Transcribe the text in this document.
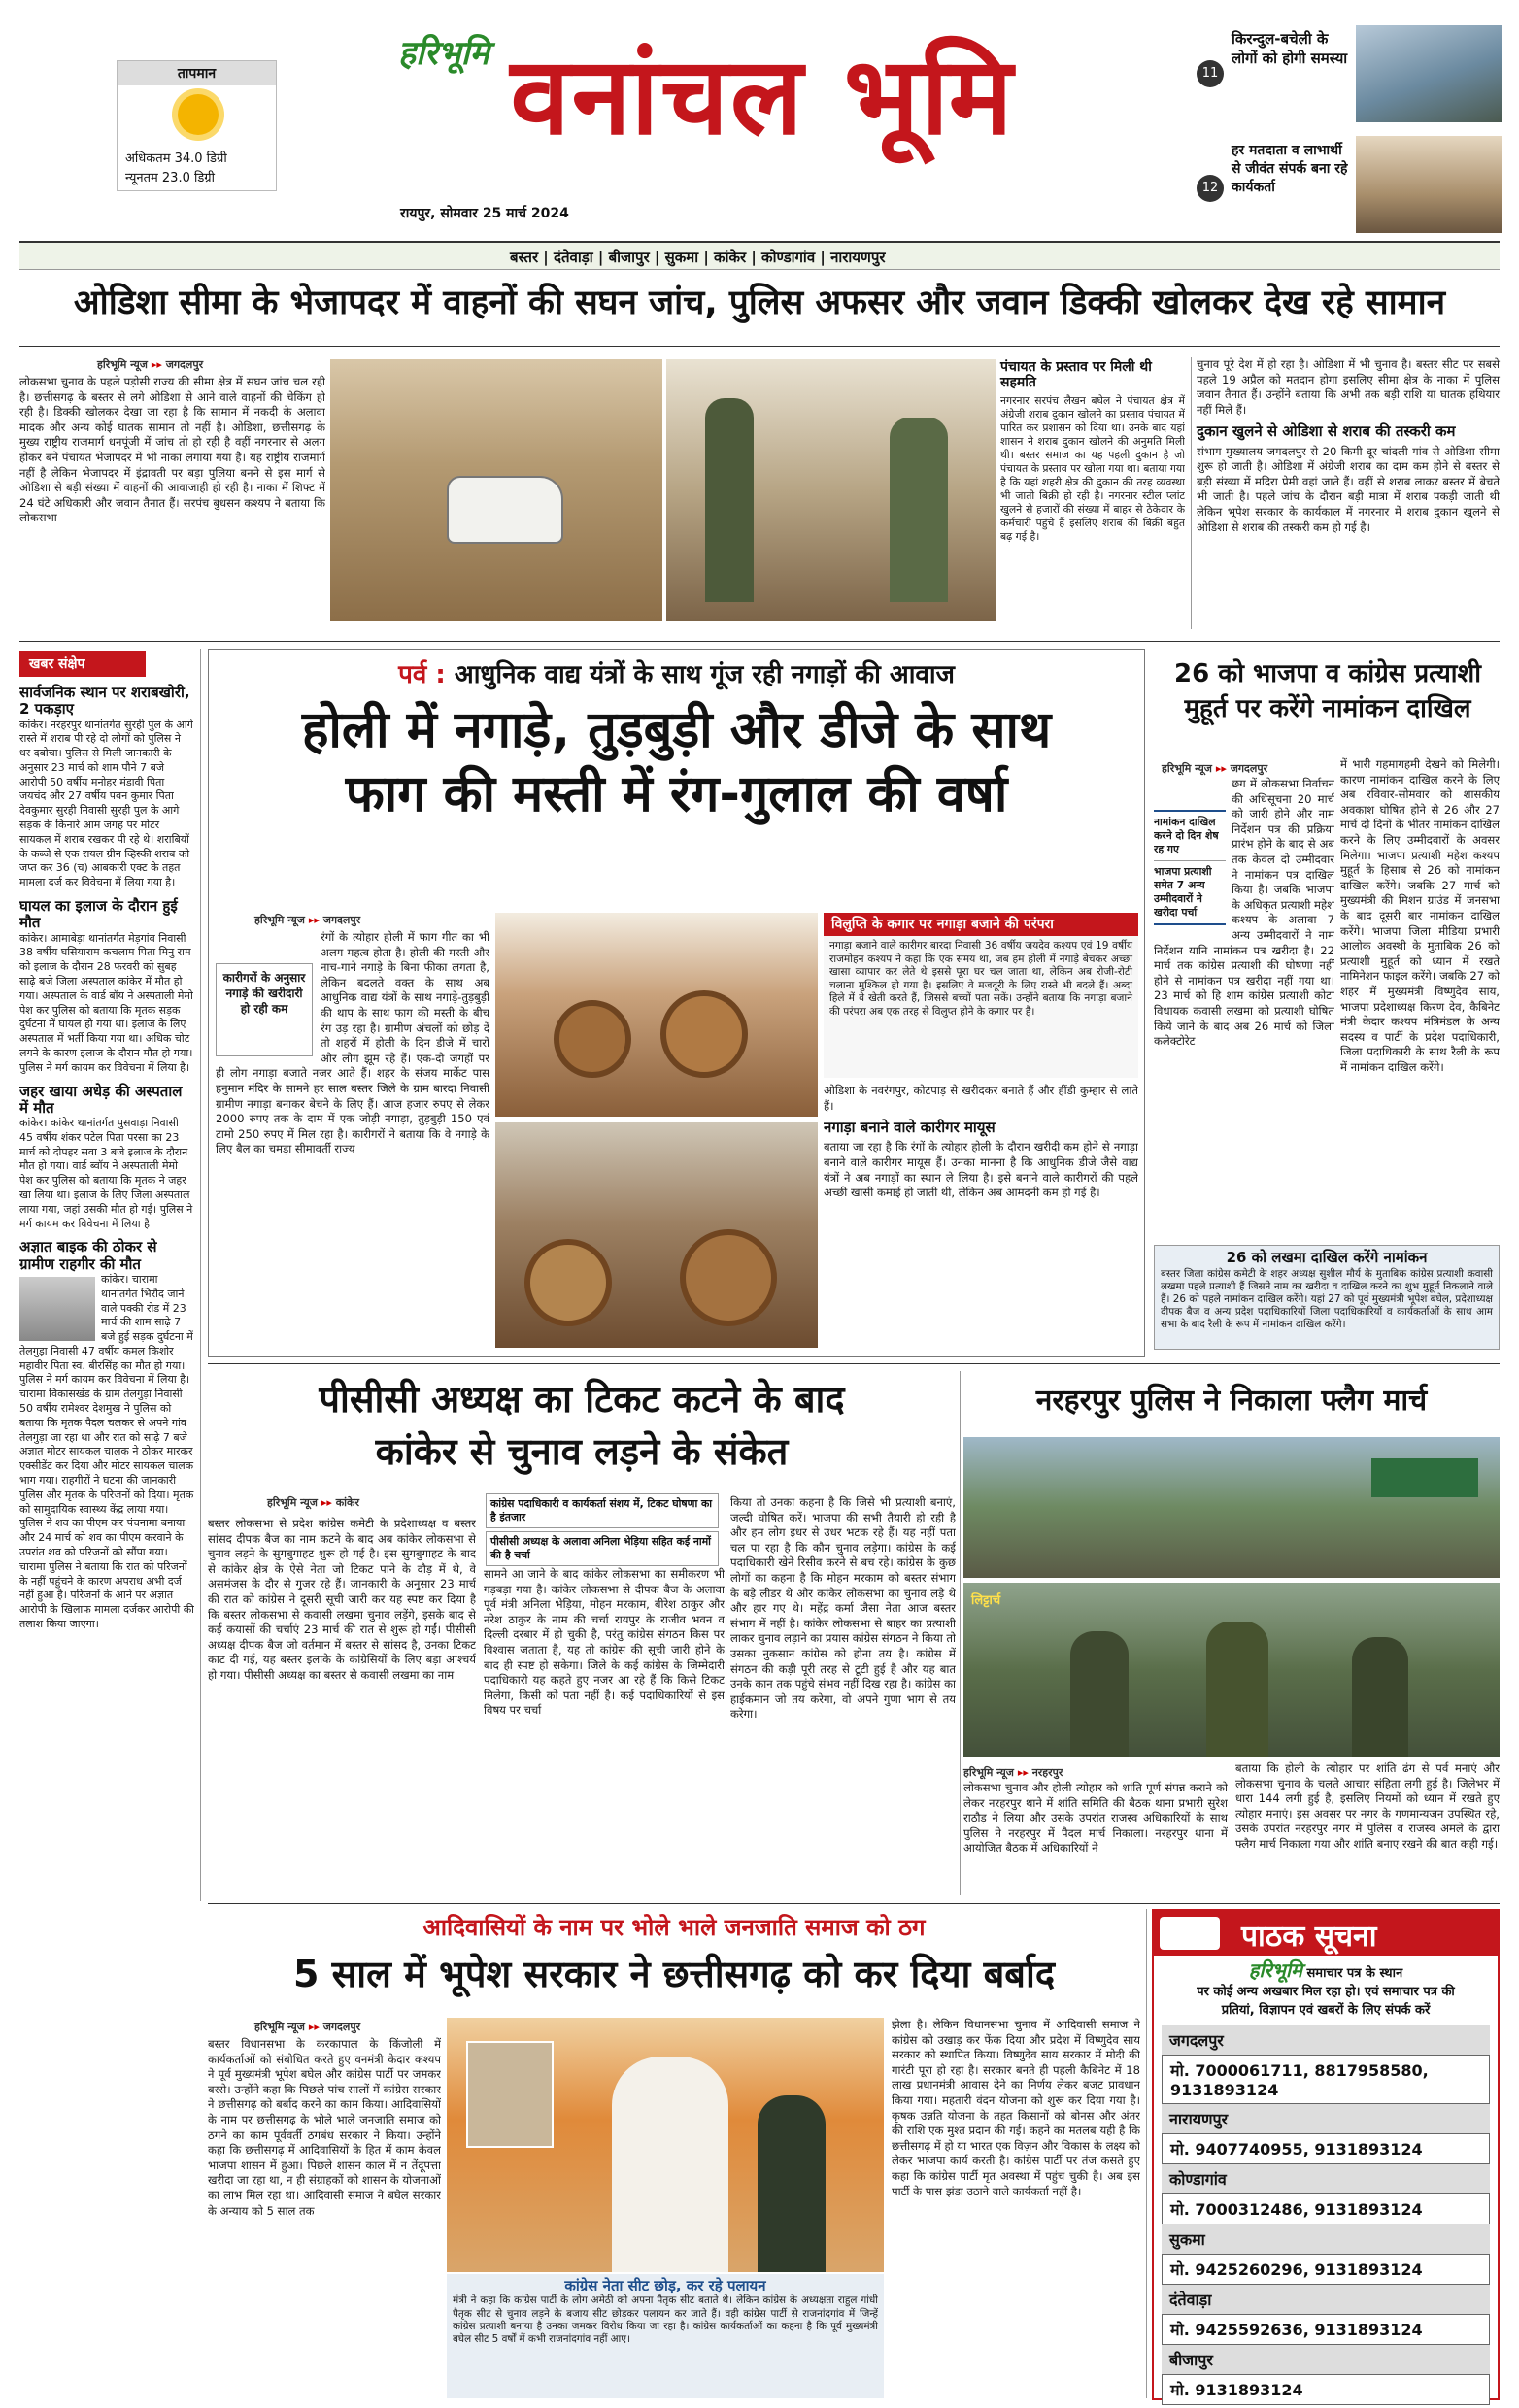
तापमान
अधिकतम 34.0 डिग्री
न्यूनतम 23.0 डिग्री
हरिभूमि वनांचल भूमि
रायपुर, सोमवार 25 मार्च 2024
11
किरन्दुल-बचेली के लोगों को होगी समस्या
12
हर मतदाता व लाभार्थी से जीवंत संपर्क बना रहे कार्यकर्ता
बस्तर | दंतेवाड़ा | बीजापुर | सुकमा | कांकेर | कोण्डागांव | नारायणपुर
ओडिशा सीमा के भेजापदर में वाहनों की सघन जांच, पुलिस अफसर और जवान डिक्की खोलकर देख रहे सामान
हरिभूमि न्यूज ▸▸ जगदलपुर
लोकसभा चुनाव के पहले पड़ोसी राज्य की सीमा क्षेत्र में सघन जांच चल रही है। छत्तीसगढ़ के बस्तर से लगे ओडिशा से आने वाले वाहनों की चेकिंग हो रही है। डिक्की खोलकर देखा जा रहा है कि सामान में नकदी के अलावा मादक और अन्य कोई घातक सामान तो नहीं है। ओडिशा, छत्तीसगढ़ के मुख्य राष्ट्रीय राजमार्ग धनपूंजी में जांच तो हो रही है वहीं नगरनार से अलग होकर बने पंचायत भेजापदर में भी नाका लगाया गया है। यह राष्ट्रीय राजमार्ग नहीं है लेकिन भेजापदर में इंद्रावती पर बड़ा पुलिया बनने से इस मार्ग से ओडिशा से बड़ी संख्या में वाहनों की आवाजाही हो रही है। नाका में शिफ्ट में 24 घंटे अधिकारी और जवान तैनात हैं। सरपंच बुधसन कश्यप ने बताया कि लोकसभा
पंचायत के प्रस्ताव पर मिली थी सहमति
नगरनार सरपंच लैखन बघेल ने पंचायत क्षेत्र में अंग्रेजी शराब दुकान खोलने का प्रस्ताव पंचायत में पारित कर प्रशासन को दिया था। उनके बाद यहां शासन ने शराब दुकान खोलने की अनुमति मिली थी। बस्तर समाज का यह पहली दुकान है जो पंचायत के प्रस्ताव पर खोला गया था। बताया गया है कि यहां शहरी क्षेत्र की दुकान की तरह व्यवस्था भी जाती बिक्री हो रही है। नगरनार स्टील प्लांट खुलने से हजारों की संख्या में बाहर से ठेकेदार के कर्मचारी पहुंचे हैं इसलिए शराब की बिक्री बहुत बढ़ गई है।
चुनाव पूरे देश में हो रहा है। ओडिशा में भी चुनाव है। बस्तर सीट पर सबसे पहले 19 अप्रैल को मतदान होगा इसलिए सीमा क्षेत्र के नाका में पुलिस जवान तैनात हैं। उन्होंने बताया कि अभी तक बड़ी राशि या घातक हथियार नहीं मिले हैं।
दुकान खुलने से ओडिशा से शराब की तस्करी कम
संभाग मुख्यालय जगदलपुर से 20 किमी दूर चांदली गांव से ओडिशा सीमा शुरू हो जाती है। ओडिशा में अंग्रेजी शराब का दाम कम होने से बस्तर से बड़ी संख्या में मदिरा प्रेमी वहां जाते हैं। वहीं से शराब लाकर बस्तर में बेचते भी जाती है। पहले जांच के दौरान बड़ी मात्रा में शराब पकड़ी जाती थी लेकिन भूपेश सरकार के कार्यकाल में नगरनार में शराब दुकान खुलने से ओडिशा से शराब की तस्करी कम हो गई है।
खबर संक्षेप
सार्वजनिक स्थान पर शराबखोरी, 2 पकड़ाए
कांकेर। नरहरपुर थानांतर्गत सुरही पुल के आगे रास्ते में शराब पी रहे दो लोगों को पुलिस ने धर दबोचा। पुलिस से मिली जानकारी के अनुसार 23 मार्च को शाम पौने 7 बजे आरोपी 50 वर्षीय मनोहर मंडावी पिता जयचंद और 27 वर्षीय पवन कुमार पिता देवकुमार सुरही निवासी सुरही पुल के आगे सड़क के किनारे आम जगह पर मोटर सायकल में शराब रखकर पी रहे थे। शराबियों के कब्जे से एक रायल ग्रीन व्हिस्की शराब को जप्त कर 36 (च) आबकारी एक्ट के तहत मामला दर्ज कर विवेचना में लिया गया है।
घायल का इलाज के दौरान हुई मौत
कांकेर। आमाबेड़ा थानांतर्गत मेड़गांव निवासी 38 वर्षीय घसियाराम कचलाम पिता मिनु राम को इलाज के दौरान 28 फरवरी को सुबह साढ़े बजे जिला अस्पताल कांकेर में मौत हो गया। अस्पताल के वार्ड बॉय ने अस्पताली मेमो पेश कर पुलिस को बताया कि मृतक सड़क दुर्घटना में घायल हो गया था। इलाज के लिए अस्पताल में भर्ती किया गया था। अधिक चोट लगने के कारण इलाज के दौरान मौत हो गया। पुलिस ने मर्ग कायम कर विवेचना में लिया है।
जहर खाया अधेड़ की अस्पताल में मौत
कांकेर। कांकेर थानांतर्गत पुसवाड़ा निवासी 45 वर्षीय शंकर पटेल पिता परसा का 23 मार्च को दोपहर सवा 3 बजे इलाज के दौरान मौत हो गया। वार्ड ब्वॉय ने अस्पताली मेमो पेश कर पुलिस को बताया कि मृतक ने जहर खा लिया था। इलाज के लिए जिला अस्पताल लाया गया, जहां उसकी मौत हो गई। पुलिस ने मर्ग कायम कर विवेचना में लिया है।
अज्ञात बाइक की ठोकर से ग्रामीण राहगीर की मौत
कांकेर। चारामा थानांतर्गत भिरौद जाने वाले पक्की रोड में 23 मार्च की शाम साढ़े 7 बजे हुई सड़क दुर्घटना में तेलगुड़ा निवासी 47 वर्षीय कमल किशोर महावीर पिता स्व. बीरसिंह का मौत हो गया। पुलिस ने मर्ग कायम कर विवेचना में लिया है। चारामा विकासखंड के ग्राम तेलगुड़ा निवासी 50 वर्षीय रामेश्वर देशमुख ने पुलिस को बताया कि मृतक पैदल चलकर से अपने गांव तेलगुड़ा जा रहा था और रात को साढ़े 7 बजे अज्ञात मोटर सायकल चालक ने ठोकर मारकर एक्सीडेंट कर दिया और मोटर सायकल चालक भाग गया। राहगीरों ने घटना की जानकारी पुलिस और मृतक के परिजनों को दिया। मृतक को सामुदायिक स्वास्थ्य केंद्र लाया गया। पुलिस ने शव का पीएम कर पंचनामा बनाया और 24 मार्च को शव का पीएम करवाने के उपरांत शव को परिजनों को सौंपा गया। चारामा पुलिस ने बताया कि रात को परिजनों के नहीं पहुंचने के कारण अपराध अभी दर्ज नहीं हुआ है। परिजनों के आने पर अज्ञात आरोपी के खिलाफ मामला दर्जकर आरोपी की तलाश किया जाएगा।
पर्व : आधुनिक वाद्य यंत्रों के साथ गूंज रही नगाड़ों की आवाज
होली में नगाड़े, तुड़बुड़ी और डीजे के साथ
फाग की मस्ती में रंग-गुलाल की वर्षा
हरिभूमि न्यूज ▸▸ जगदलपुर
कारीगरों के अनुसार नगाड़े की खरीदारी हो रही कम
रंगों के त्योहार होली में फाग गीत का भी अलग महत्व होता है। होली की मस्ती और नाच-गाने नगाड़े के बिना फीका लगता है, लेकिन बदलते वक्त के साथ अब आधुनिक वाद्य यंत्रों के साथ नगाड़े-तुड़बुड़ी की थाप के साथ फाग की मस्ती के बीच रंग उड़ रहा है। ग्रामीण अंचलों को छोड़ दें तो शहरों में होली के दिन डीजे में चारों ओर लोग झूम रहे हैं। एक-दो जगहों पर ही लोग नगाड़ा बजाते नजर आते हैं। शहर के संजय मार्केट पास हनुमान मंदिर के सामने हर साल बस्तर जिले के ग्राम बारदा निवासी ग्रामीण नगाड़ा बनाकर बेचने के लिए हैं। आज हजार रुपए से लेकर 2000 रुपए तक के दाम में एक जोड़ी नगाड़ा, तुड़बुड़ी 150 एवं टामो 250 रुपए में मिल रहा है। कारीगरों ने बताया कि वे नगाड़े के लिए बैल का चमड़ा सीमावर्ती राज्य
विलुप्ति के कगार पर नगाड़ा बजाने की परंपरा
नगाड़ा बजाने वाले कारीगर बारदा निवासी 36 वर्षीय जयदेव कश्यप एवं 19 वर्षीय राजमोहन कश्यप ने कहा कि एक समय था, जब हम होली में नगाड़े बेचकर अच्छा खासा व्यापार कर लेते थे इससे पूरा घर चल जाता था, लेकिन अब रोजी-रोटी चलाना मुश्किल हो गया है। इसलिए वे मजदूरी के लिए रास्ते भी बदले हैं। अब्दा हिले में वे खेती करते हैं, जिससे बच्चों पता सकें। उन्होंने बताया कि नगाड़ा बजाने की परंपरा अब एक तरह से विलुप्त होने के कगार पर है।
ओडिशा के नवरंगपुर, कोटपाड़ से खरीदकर बनाते हैं और हींडी कुम्हार से लाते हैं।
नगाड़ा बनाने वाले कारीगर मायूस
बताया जा रहा है कि रंगों के त्योहार होली के दौरान खरीदी कम होने से नगाड़ा बनाने वाले कारीगर मायूस हैं। उनका मानना है कि आधुनिक डीजे जैसे वाद्य यंत्रों ने अब नगाड़ों का स्थान ले लिया है। इसे बनाने वाले कारीगरों की पहले अच्छी खासी कमाई हो जाती थी, लेकिन अब आमदनी कम हो गई है।
26 को भाजपा व कांग्रेस प्रत्याशी मुहूर्त पर करेंगे नामांकन दाखिल
हरिभूमि न्यूज ▸▸ जगदलपुर
नामांकन दाखिल करने दो दिन शेष रह गए
भाजपा प्रत्याशी समेत 7 अन्य उम्मीदवारों ने खरीदा पर्चा
छग में लोकसभा निर्वाचन की अधिसूचना 20 मार्च को जारी होने और नाम निर्देशन पत्र की प्रक्रिया प्रारंभ होने के बाद से अब तक केवल दो उम्मीदवार ने नामांकन पत्र दाखिल किया है। जबकि भाजपा के अधिकृत प्रत्याशी महेश कश्यप के अलावा 7 अन्य उम्मीदवारों ने नाम निर्देशन यानि नामांकन पत्र खरीदा है। 22 मार्च तक कांग्रेस प्रत्याशी की घोषणा नहीं होने से नामांकन पत्र खरीदा नहीं गया था। 23 मार्च को हि शाम कांग्रेस प्रत्याशी कोटा विधायक कवासी लखमा को प्रत्याशी घोषित किये जाने के बाद अब 26 मार्च को जिला कलेक्टोरेट
में भारी गहमागहमी देखने को मिलेगी। कारण नामांकन दाखिल करने के लिए अब रविवार-सोमवार को शासकीय अवकाश घोषित होने से 26 और 27 मार्च दो दिनों के भीतर नामांकन दाखिल करने के लिए उम्मीदवारों के अवसर मिलेगा। भाजपा प्रत्याशी महेश कश्यप मुहूर्त के हिसाब से 26 को नामांकन दाखिल करेंगे। जबकि 27 मार्च को मुख्यमंत्री की मिशन ग्राउंड में जनसभा के बाद दूसरी बार नामांकन दाखिल करेंगे। भाजपा जिला मीडिया प्रभारी आलोक अवस्थी के मुताबिक 26 को प्रत्याशी मुहूर्त को ध्यान में रखते नामिनेशन फाइल करेंगे। जबकि 27 को शहर में मुख्यमंत्री विष्णुदेव साय, भाजपा प्रदेशाध्यक्ष किरण देव, कैबिनेट मंत्री केदार कश्यप मंत्रिमंडल के अन्य सदस्य व पार्टी के प्रदेश पदाधिकारी, जिला पदाधिकारी के साथ रैली के रूप में नामांकन दाखिल करेंगे।
26 को लखमा दाखिल करेंगे नामांकन
बस्तर जिला कांग्रेस कमेटी के शहर अध्यक्ष सुशील मौर्य के मुताबिक कांग्रेस प्रत्याशी कवासी लखमा पहले प्रत्याशी हैं जिसने नाम का खरीदा व दाखिल करने का शुभ मुहूर्त निकलाने वाले हैं। 26 को पहले नामांकन दाखिल करेंगे। यहां 27 को पूर्व मुख्यमंत्री भूपेश बघेल, प्रदेशाध्यक्ष दीपक बैज व अन्य प्रदेश पदाधिकारियों जिला पदाधिकारियों व कार्यकर्ताओं के साथ आम सभा के बाद रैली के रूप में नामांकन दाखिल करेंगे।
पीसीसी अध्यक्ष का टिकट कटने के बाद
कांकेर से चुनाव लड़ने के संकेत
हरिभूमि न्यूज ▸▸ कांकेर	कांग्रेस पदाधिकारी व कार्यकर्ता संशय में, टिकट घोषणा का है इंतजार
पीसीसी अध्यक्ष के अलावा अनिला भेड़िया सहित कई नामों की है चर्चा
बस्तर लोकसभा से प्रदेश कांग्रेस कमेटी के प्रदेशाध्यक्ष व बस्तर सांसद दीपक बैज का नाम कटने के बाद अब कांकेर लोकसभा से चुनाव लड़ने के सुगबुगाहट शुरू हो गई है। इस सुगबुगाहट के बाद से कांकेर क्षेत्र के ऐसे नेता जो टिकट पाने के दौड़ में थे, वे असमंजस के दौर से गुजर रहे हैं। जानकारी के अनुसार 23 मार्च की रात को कांग्रेस ने दूसरी सूची जारी कर यह स्पष्ट कर दिया है कि बस्तर लोकसभा से कवासी लखमा चुनाव लड़ेंगे, इसके बाद से कई कयासों की चर्चाएं 23 मार्च की रात से शुरू हो गईं। पीसीसी अध्यक्ष दीपक बैज जो वर्तमान में बस्तर से सांसद है, उनका टिकट काट दी गई, यह बस्तर इलाके के कांग्रेसियों के लिए बड़ा आश्चर्य हो गया। पीसीसी अध्यक्ष का बस्तर से कवासी लखमा का नाम
सामने आ जाने के बाद कांकेर लोकसभा का समीकरण भी गड़बड़ा गया है। कांकेर लोकसभा से दीपक बैज के अलावा पूर्व मंत्री अनिला भेड़िया, मोहन मरकाम, बीरेश ठाकुर और नरेश ठाकुर के नाम की चर्चा रायपुर के राजीव भवन व दिल्ली दरबार में हो चुकी है, परंतु कांग्रेस संगठन किस पर विश्वास जताता है, यह तो कांग्रेस की सूची जारी होने के बाद ही स्पष्ट हो सकेगा। जिले के कई कांग्रेस के जिम्मेदारी पदाधिकारी यह कहते हुए नजर आ रहे हैं कि किसे टिकट मिलेगा, किसी को पता नहीं है। कई पदाधिकारियों से इस विषय पर चर्चा
किया तो उनका कहना है कि जिसे भी प्रत्याशी बनाएं, जल्दी घोषित करें। भाजपा की सभी तैयारी हो रही है और हम लोग इधर से उधर भटक रहे हैं। यह नहीं पता चल पा रहा है कि कौन चुनाव लड़ेगा। कांग्रेस के कई पदाधिकारी खेने रिसीव करने से बच रहे। कांग्रेस के कुछ लोगों का कहना है कि मोहन मरकाम को बस्तर संभाग के बड़े लीडर थे और कांकेर लोकसभा का चुनाव लड़े थे और हार गए थे। महेंद्र कर्मा जैसा नेता आज बस्तर संभाग में नहीं है। कांकेर लोकसभा से बाहर का प्रत्याशी लाकर चुनाव लड़ाने का प्रयास कांग्रेस संगठन ने किया तो उसका नुकसान कांग्रेस को होना तय है। कांग्रेस में संगठन की कड़ी पूरी तरह से टूटी हुई है और यह बात उनके कान तक पहुंचे संभव नहीं दिख रहा है। कांग्रेस का हाईकमान जो तय करेगा, वो अपने गुणा भाग से तय करेगा।
नरहरपुर पुलिस ने निकाला फ्लैग मार्च
लिट्टार्च
हरिभूमि न्यूज ▸▸ नरहरपुर
लोकसभा चुनाव और होली त्योहार को शांति पूर्ण संपन्न कराने को लेकर नरहरपुर थाने में शांति समिति की बैठक थाना प्रभारी सुरेश राठौड़ ने लिया और उसके उपरांत राजस्व अधिकारियों के साथ पुलिस ने नरहरपुर में पैदल मार्च निकाला। नरहरपुर थाना में आयोजित बैठक में अधिकारियों ने
बताया कि होली के त्योहार पर शांति ढंग से पर्व मनाएं और लोकसभा चुनाव के चलते आचार संहिता लगी हुई है। जिलेभर में धारा 144 लगी हुई है, इसलिए नियमों को ध्यान में रखते हुए त्योहार मनाएं। इस अवसर पर नगर के गणमान्यजन उपस्थित रहे, उसके उपरांत नरहरपुर नगर में पुलिस व राजस्व अमले के द्वारा फ्लैग मार्च निकाला गया और शांति बनाए रखने की बात कही गई।
आदिवासियों के नाम पर भोले भाले जनजाति समाज को ठग
5 साल में भूपेश सरकार ने छत्तीसगढ़ को कर दिया बर्बाद
हरिभूमि न्यूज ▸▸ जगदलपुर
बस्तर विधानसभा के करकापाल के किंजोली में कार्यकर्ताओं को संबोधित करते हुए वनमंत्री केदार कश्यप ने पूर्व मुख्यमंत्री भूपेश बघेल और कांग्रेस पार्टी पर जमकर बरसे। उन्होंने कहा कि पिछले पांच सालों में कांग्रेस सरकार ने छत्तीसगढ़ को बर्बाद करने का काम किया। आदिवासियों के नाम पर छत्तीसगढ़ के भोले भाले जनजाति समाज को ठगने का काम पूर्ववर्ती ठगबंध सरकार ने किया। उन्होंने कहा कि छत्तीसगढ़ में आदिवासियों के हित में काम केवल भाजपा शासन में हुआ। पिछले शासन काल में न तेंदूपत्ता खरीदा जा रहा था, न ही संग्राहकों को शासन के योजनाओं का लाभ मिल रहा था। आदिवासी समाज ने बघेल सरकार के अन्याय को 5 साल तक
कांग्रेस नेता सीट छोड़, कर रहे पलायन
मंत्री ने कहा कि कांग्रेस पार्टी के लोग अमेठी को अपना पैतृक सीट बताते थे। लेकिन कांग्रेस के अध्यक्षता राहुल गांधी पैतृक सीट से चुनाव लड़ने के बजाय सीट छोड़कर पलायन कर जाते हैं। वही कांग्रेस पार्टी से राजनांदगांव में जिन्हें कांग्रेस प्रत्याशी बनाया है उनका जमकर विरोध किया जा रहा है। कांग्रेस कार्यकर्ताओं का कहना है कि पूर्व मुख्यमंत्री बघेल सीट 5 वर्षों में कभी राजनांदगांव नहीं आए।
झेला है। लेकिन विधानसभा चुनाव में आदिवासी समाज ने कांग्रेस को उखाड़ कर फेंक दिया और प्रदेश में विष्णुदेव साय सरकार को स्थापित किया। विष्णुदेव साय सरकार में मोदी की गारंटी पूरा हो रहा है। सरकार बनते ही पहली कैबिनेट में 18 लाख प्रधानमंत्री आवास देने का निर्णय लेकर बजट प्रावधान किया गया। महतारी वंदन योजना को शुरू कर दिया गया है। कृषक उन्नति योजना के तहत किसानों को बोनस और अंतर की राशि एक मुश्त प्रदान की गई। कहने का मतलब यही है कि छत्तीसगढ़ में हो या भारत एक विज़न और विकास के लक्ष्य को लेकर भाजपा कार्य करती है। कांग्रेस पार्टी पर तंज कसते हुए कहा कि कांग्रेस पार्टी मृत अवस्था में पहुंच चुकी है। अब इस पार्टी के पास झंडा उठाने वाले कार्यकर्ता नहीं है।
पाठक सूचना
हरिभूमि समाचार पत्र के स्थान
पर कोई अन्य अखबार मिल रहा हो। एवं समाचार पत्र की
प्रतियां, विज्ञापन एवं खबरों के लिए संपर्क करें
जगदलपुर
मो. 7000061711, 8817958580, 9131893124
नारायणपुर
मो. 9407740955, 9131893124
कोण्डागांव
मो. 7000312486, 9131893124
सुकमा
मो. 9425260296, 9131893124
दंतेवाड़ा
मो. 9425592636, 9131893124
बीजापुर
मो. 9131893124
